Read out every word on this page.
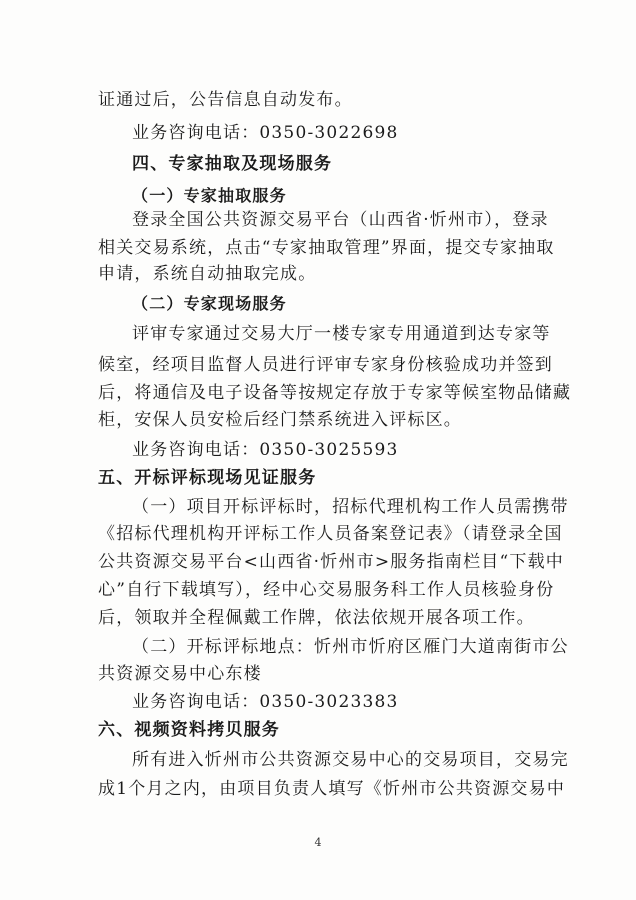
证通过后，公告信息自动发布。
业务咨询电话：0350-3022698
四、专家抽取及现场服务
（一）专家抽取服务
登录全国公共资源交易平台（山西省·忻州市），登录
相关交易系统，点击“专家抽取管理”界面，提交专家抽取
申请，系统自动抽取完成。
（二）专家现场服务
评审专家通过交易大厅一楼专家专用通道到达专家等
候室，经项目监督人员进行评审专家身份核验成功并签到
后，将通信及电子设备等按规定存放于专家等候室物品储藏
柜，安保人员安检后经门禁系统进入评标区。
业务咨询电话：0350-3025593
五、开标评标现场见证服务
（一）项目开标评标时，招标代理机构工作人员需携带
《招标代理机构开评标工作人员备案登记表》（请登录全国
公共资源交易平台<山西省·忻州市>服务指南栏目“下载中
心”自行下载填写），经中心交易服务科工作人员核验身份
后，领取并全程佩戴工作牌，依法依规开展各项工作。
（二）开标评标地点：忻州市忻府区雁门大道南街市公
共资源交易中心东楼
业务咨询电话：0350-3023383
六、视频资料拷贝服务
所有进入忻州市公共资源交易中心的交易项目，交易完
成1个月之内，由项目负责人填写《忻州市公共资源交易中
4
